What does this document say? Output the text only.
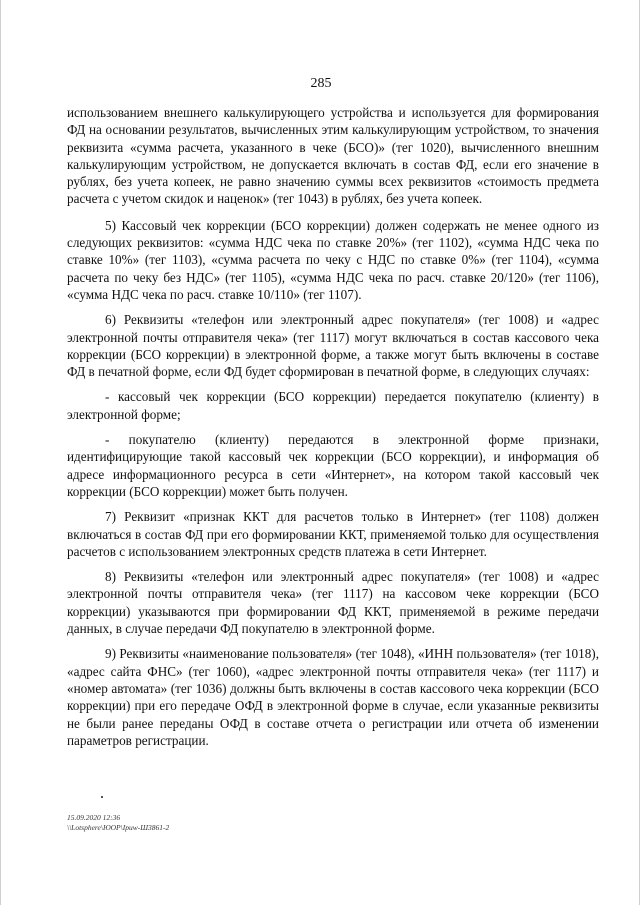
285

использованием внешнего калькулирующего устройства и используется для формирования ФД на основании результатов, вычисленных этим калькулирующим устройством, то значения реквизита «сумма расчета, указанного в чеке (БСО)» (тег 1020), вычисленного внешним калькулирующим устройством, не допускается включать в состав ФД, если его значение в рублях, без учета копеек, не равно значению суммы всех реквизитов «стоимость предмета расчета с учетом скидок и наценок» (тег 1043) в рублях, без учета копеек.

5) Кассовый чек коррекции (БСО коррекции) должен содержать не менее одного из следующих реквизитов: «сумма НДС чека по ставке 20%» (тег 1102), «сумма НДС чека по ставке 10%» (тег 1103), «сумма расчета по чеку с НДС по ставке 0%» (тег 1104), «сумма расчета по чеку без НДС» (тег 1105), «сумма НДС чека по расч. ставке 20/120» (тег 1106), «сумма НДС чека по расч. ставке 10/110» (тег 1107).

6) Реквизиты «телефон или электронный адрес покупателя» (тег 1008) и «адрес электронной почты отправителя чека» (тег 1117) могут включаться в состав кассового чека коррекции (БСО коррекции) в электронной форме, а также могут быть включены в составе ФД в печатной форме, если ФД будет сформирован в печатной форме, в следующих случаях:

- кассовый чек коррекции (БСО коррекции) передается покупателю (клиенту) в электронной форме;

- покупателю (клиенту) передаются в электронной форме признаки, идентифицирующие такой кассовый чек коррекции (БСО коррекции), и информация об адресе информационного ресурса в сети «Интернет», на котором такой кассовый чек коррекции (БСО коррекции) может быть получен.

7) Реквизит «признак ККТ для расчетов только в Интернет» (тег 1108) должен включаться в состав ФД при его формировании ККТ, применяемой только для осуществления расчетов с использованием электронных средств платежа в сети Интернет.

8) Реквизиты «телефон или электронный адрес покупателя» (тег 1008) и «адрес электронной почты отправителя чека» (тег 1117) на кассовом чеке коррекции (БСО коррекции) указываются при формировании ФД ККТ, применяемой в режиме передачи данных, в случае передачи ФД покупателю в электронной форме.

9) Реквизиты «наименование пользователя» (тег 1048), «ИНН пользователя» (тег 1018), «адрес сайта ФНС» (тег 1060), «адрес электронной почты отправителя чека» (тег 1117) и «номер автомата» (тег 1036) должны быть включены в состав кассового чека коррекции (БСО коррекции) при его передаче ОФД в электронной форме в случае, если указанные реквизиты не были ранее переданы ОФД в составе отчета о регистрации или отчета об изменении параметров регистрации.

15.09.2020 12:36
\\Lotsphere\ЮОР\Ipuw-Ш3861-2
